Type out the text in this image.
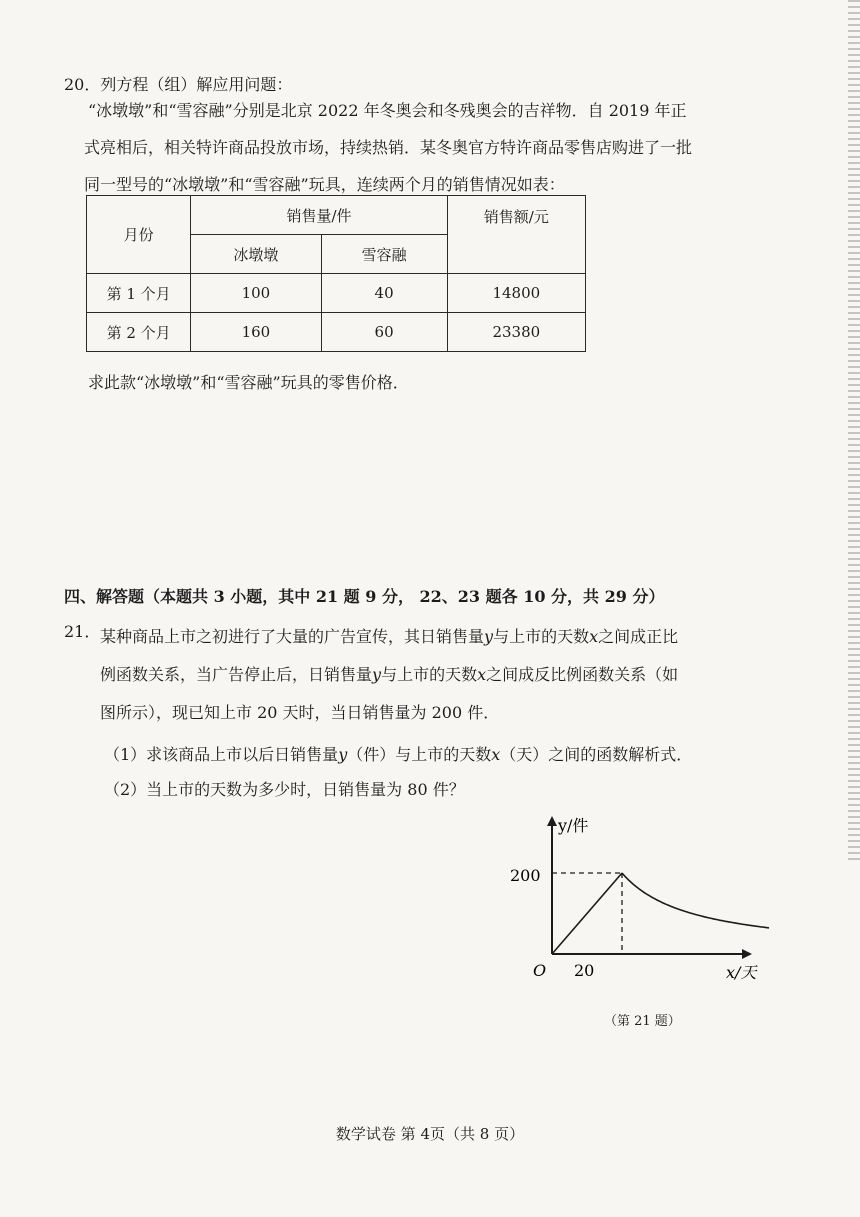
20．列方程（组）解应用问题：
“冰墩墩”和“雪容融”分别是北京 2022 年冬奥会和冬残奥会的吉祥物．自 2019 年正
式亮相后，相关特许商品投放市场，持续热销．某冬奥官方特许商品零售店购进了一批
同一型号的“冰墩墩”和“雪容融”玩具，连续两个月的销售情况如表：
月份	销售量/件		销售额/元
	冰墩墩	雪容融	
第 1 个月	100	40	14800
第 2 个月	160	60	23380
求此款“冰墩墩”和“雪容融”玩具的零售价格．
四、解答题（本题共 3 小题，其中 21 题 9 分， 22、23 题各 10 分，共 29 分）
21． 某种商品上市之初进行了大量的广告宣传，其日销售量y与上市的天数x之间成正比
例函数关系，当广告停止后，日销售量y与上市的天数x之间成反比例函数关系（如
图所示），现已知上市 20 天时，当日销售量为 200 件．
（1）求该商品上市以后日销售量y（件）与上市的天数x（天）之间的函数解析式．
（2）当上市的天数为多少时，日销售量为 80 件？
y/件
x/天
O
200
20
（第 21 题）
数学试卷 第 4页（共 8 页）
